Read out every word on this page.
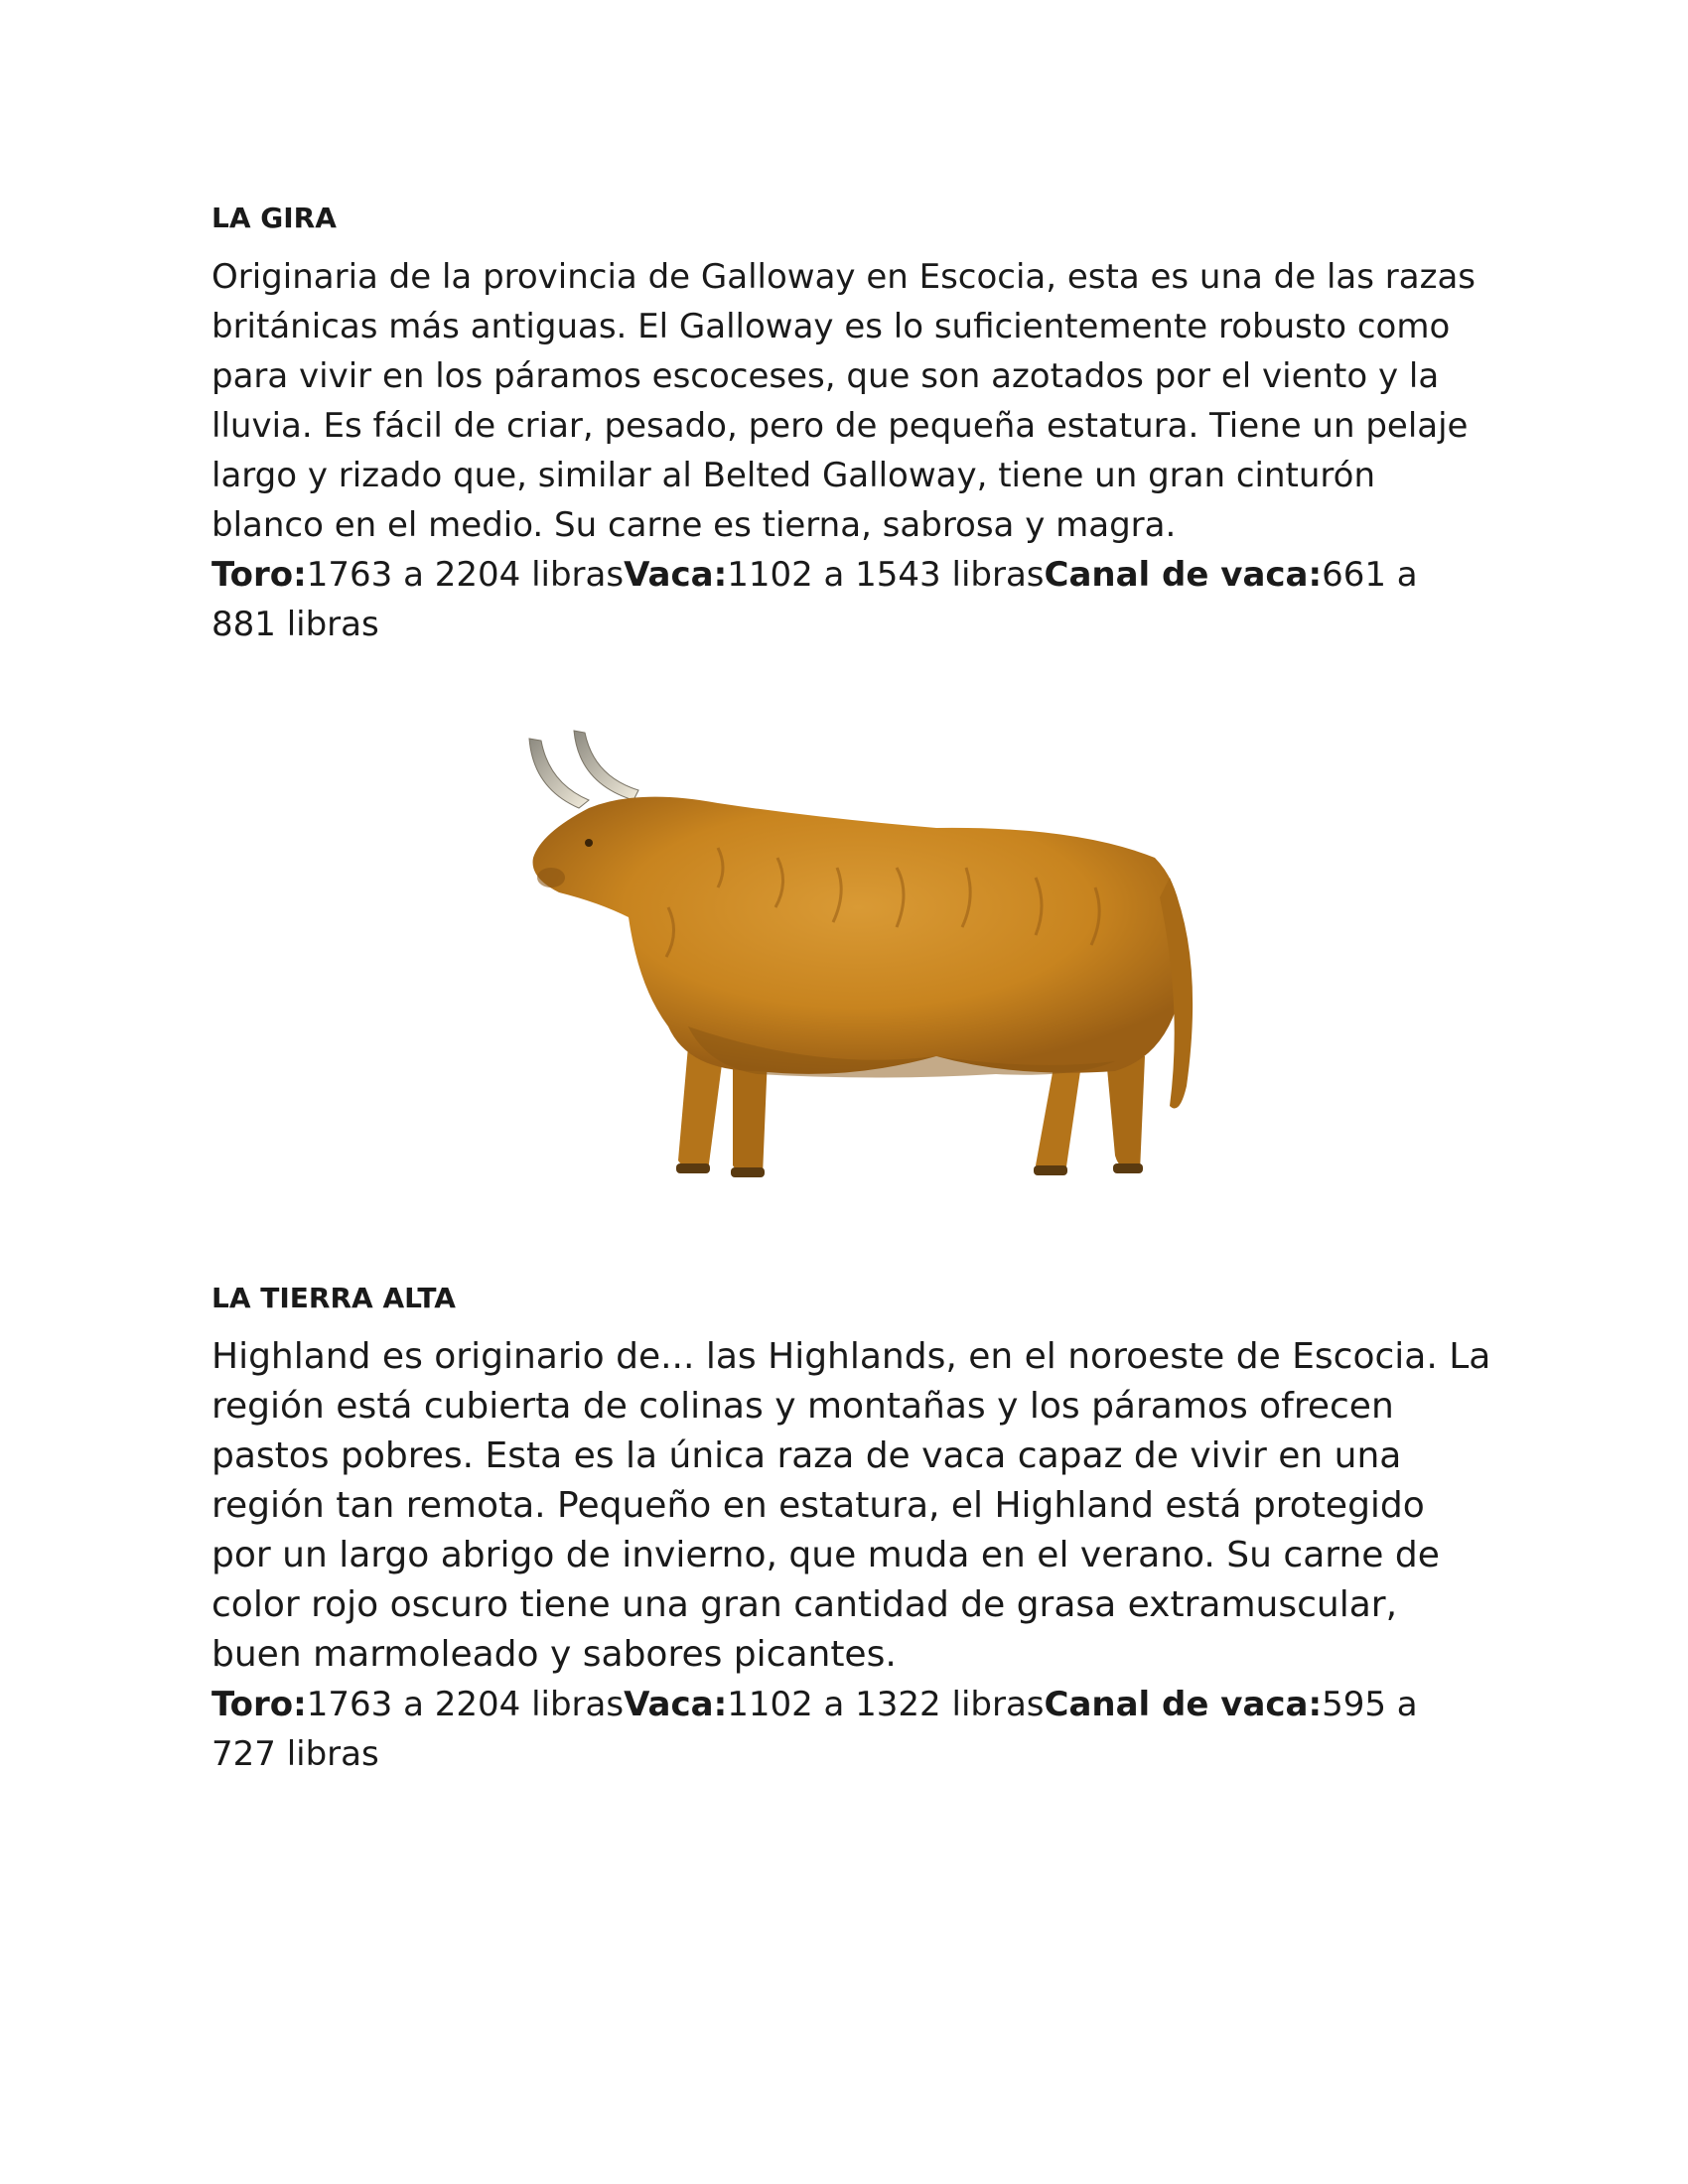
LA GIRA

Originaria de la provincia de Galloway en Escocia, esta es una de las razas británicas más antiguas. El Galloway es lo suficientemente robusto como para vivir en los páramos escoceses, que son azotados por el viento y la lluvia. Es fácil de criar, pesado, pero de pequeña estatura. Tiene un pelaje largo y rizado que, similar al Belted Galloway, tiene un gran cinturón blanco en el medio. Su carne es tierna, sabrosa y magra.

Toro:1763 a 2204 librasVaca:1102 a 1543 librasCanal de vaca:661 a 881 libras

LA TIERRA ALTA

Highland es originario de... las Highlands, en el noroeste de Escocia. La región está cubierta de colinas y montañas y los páramos ofrecen pastos pobres. Esta es la única raza de vaca capaz de vivir en una región tan remota. Pequeño en estatura, el Highland está protegido por un largo abrigo de invierno, que muda en el verano. Su carne de color rojo oscuro tiene una gran cantidad de grasa extramuscular, buen marmoleado y sabores picantes.

Toro:1763 a 2204 librasVaca:1102 a 1322 librasCanal de vaca:595 a 727 libras
